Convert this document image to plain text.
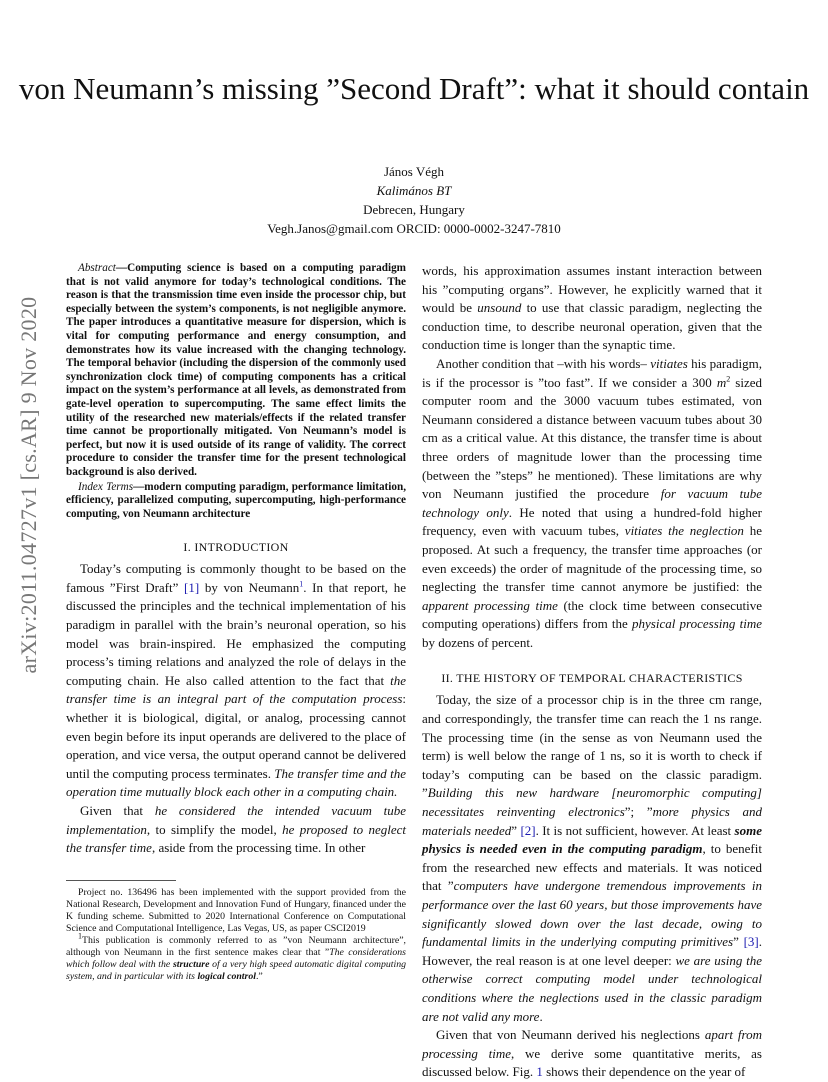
von Neumann’s missing ”Second Draft”: what it should contain
János Végh
Kalimános BT
Debrecen, Hungary
Vegh.Janos@gmail.com ORCID: 0000-0002-3247-7810
arXiv:2011.04727v1 [cs.AR] 9 Nov 2020

Abstract—Computing science is based on a computing paradigm that is not valid anymore for today’s technological conditions. The reason is that the transmission time even inside the processor chip, but especially between the system’s components, is not negligible anymore. The paper introduces a quantitative measure for dispersion, which is vital for computing performance and energy consumption, and demonstrates how its value increased with the changing technology. The temporal behavior (including the dispersion of the commonly used synchronization clock time) of computing components has a critical impact on the system’s performance at all levels, as demonstrated from gate-level operation to supercomputing. The same effect limits the utility of the researched new materials/effects if the related transfer time cannot be proportionally mitigated. Von Neumann’s model is perfect, but now it is used outside of its range of validity. The correct procedure to consider the transfer time for the present technological background is also derived.

Index Terms—modern computing paradigm, performance limitation, efficiency, parallelized computing, supercomputing, high-performance computing, von Neumann architecture

I. INTRODUCTION

Today’s computing is commonly thought to be based on the famous ”First Draft” [1] by von Neumann$^1$. In that report, he discussed the principles and the technical implementation of his paradigm in parallel with the brain’s neuronal operation, so his model was brain-inspired. He emphasized the computing process’s timing relations and analyzed the role of delays in the computing chain. He also called attention to the fact that the transfer time is an integral part of the computation process: whether it is biological, digital, or analog, processing cannot even begin before its input operands are delivered to the place of operation, and vice versa, the output operand cannot be delivered until the computing process terminates. The transfer time and the operation time mutually block each other in a computing chain.

Given that he considered the intended vacuum tube implementation, to simplify the model, he proposed to neglect the transfer time, aside from the processing time. In other

Project no. 136496 has been implemented with the support provided from the National Research, Development and Innovation Fund of Hungary, financed under the K funding scheme. Submitted to 2020 International Conference on Computational Science and Computational Intelligence, Las Vegas, US, as paper CSCI2019

$^1$This publication is commonly referred to as ”von Neumann architecture”, although von Neumann in the first sentence makes clear that ”The considerations which follow deal with the structure of a very high speed automatic digital computing system, and in particular with its logical control.”

words, his approximation assumes instant interaction between his ”computing organs”. However, he explicitly warned that it would be unsound to use that classic paradigm, neglecting the conduction time, to describe neuronal operation, given that the conduction time is longer than the synaptic time.

Another condition that –with his words– vitiates his paradigm, is if the processor is ”too fast”. If we consider a 300 $m^2$ sized computer room and the 3000 vacuum tubes estimated, von Neumann considered a distance between vacuum tubes about 30 cm as a critical value. At this distance, the transfer time is about three orders of magnitude lower than the processing time (between the ”steps” he mentioned). These limitations are why von Neumann justified the procedure for vacuum tube technology only. He noted that using a hundred-fold higher frequency, even with vacuum tubes, vitiates the neglection he proposed. At such a frequency, the transfer time approaches (or even exceeds) the order of magnitude of the processing time, so neglecting the transfer time cannot anymore be justified: the apparent processing time (the clock time between consecutive computing operations) differs from the physical processing time by dozens of percent.

II. THE HISTORY OF TEMPORAL CHARACTERISTICS

Today, the size of a processor chip is in the three cm range, and correspondingly, the transfer time can reach the 1 ns range. The processing time (in the sense as von Neumann used the term) is well below the range of 1 ns, so it is worth to check if today’s computing can be based on the classic paradigm. ”Building this new hardware [neuromorphic computing] necessitates reinventing electronics”; ”more physics and materials needed” [2]. It is not sufficient, however. At least some physics is needed even in the computing paradigm, to benefit from the researched new effects and materials. It was noticed that ”computers have undergone tremendous improvements in performance over the last 60 years, but those improvements have significantly slowed down over the last decade, owing to fundamental limits in the underlying computing primitives” [3]. However, the real reason is at one level deeper: we are using the otherwise correct computing model under technological conditions where the neglections used in the classic paradigm are not valid any more.

Given that von Neumann derived his neglections apart from processing time, we derive some quantitative merits, as discussed below. Fig. 1 shows their dependence on the year of
